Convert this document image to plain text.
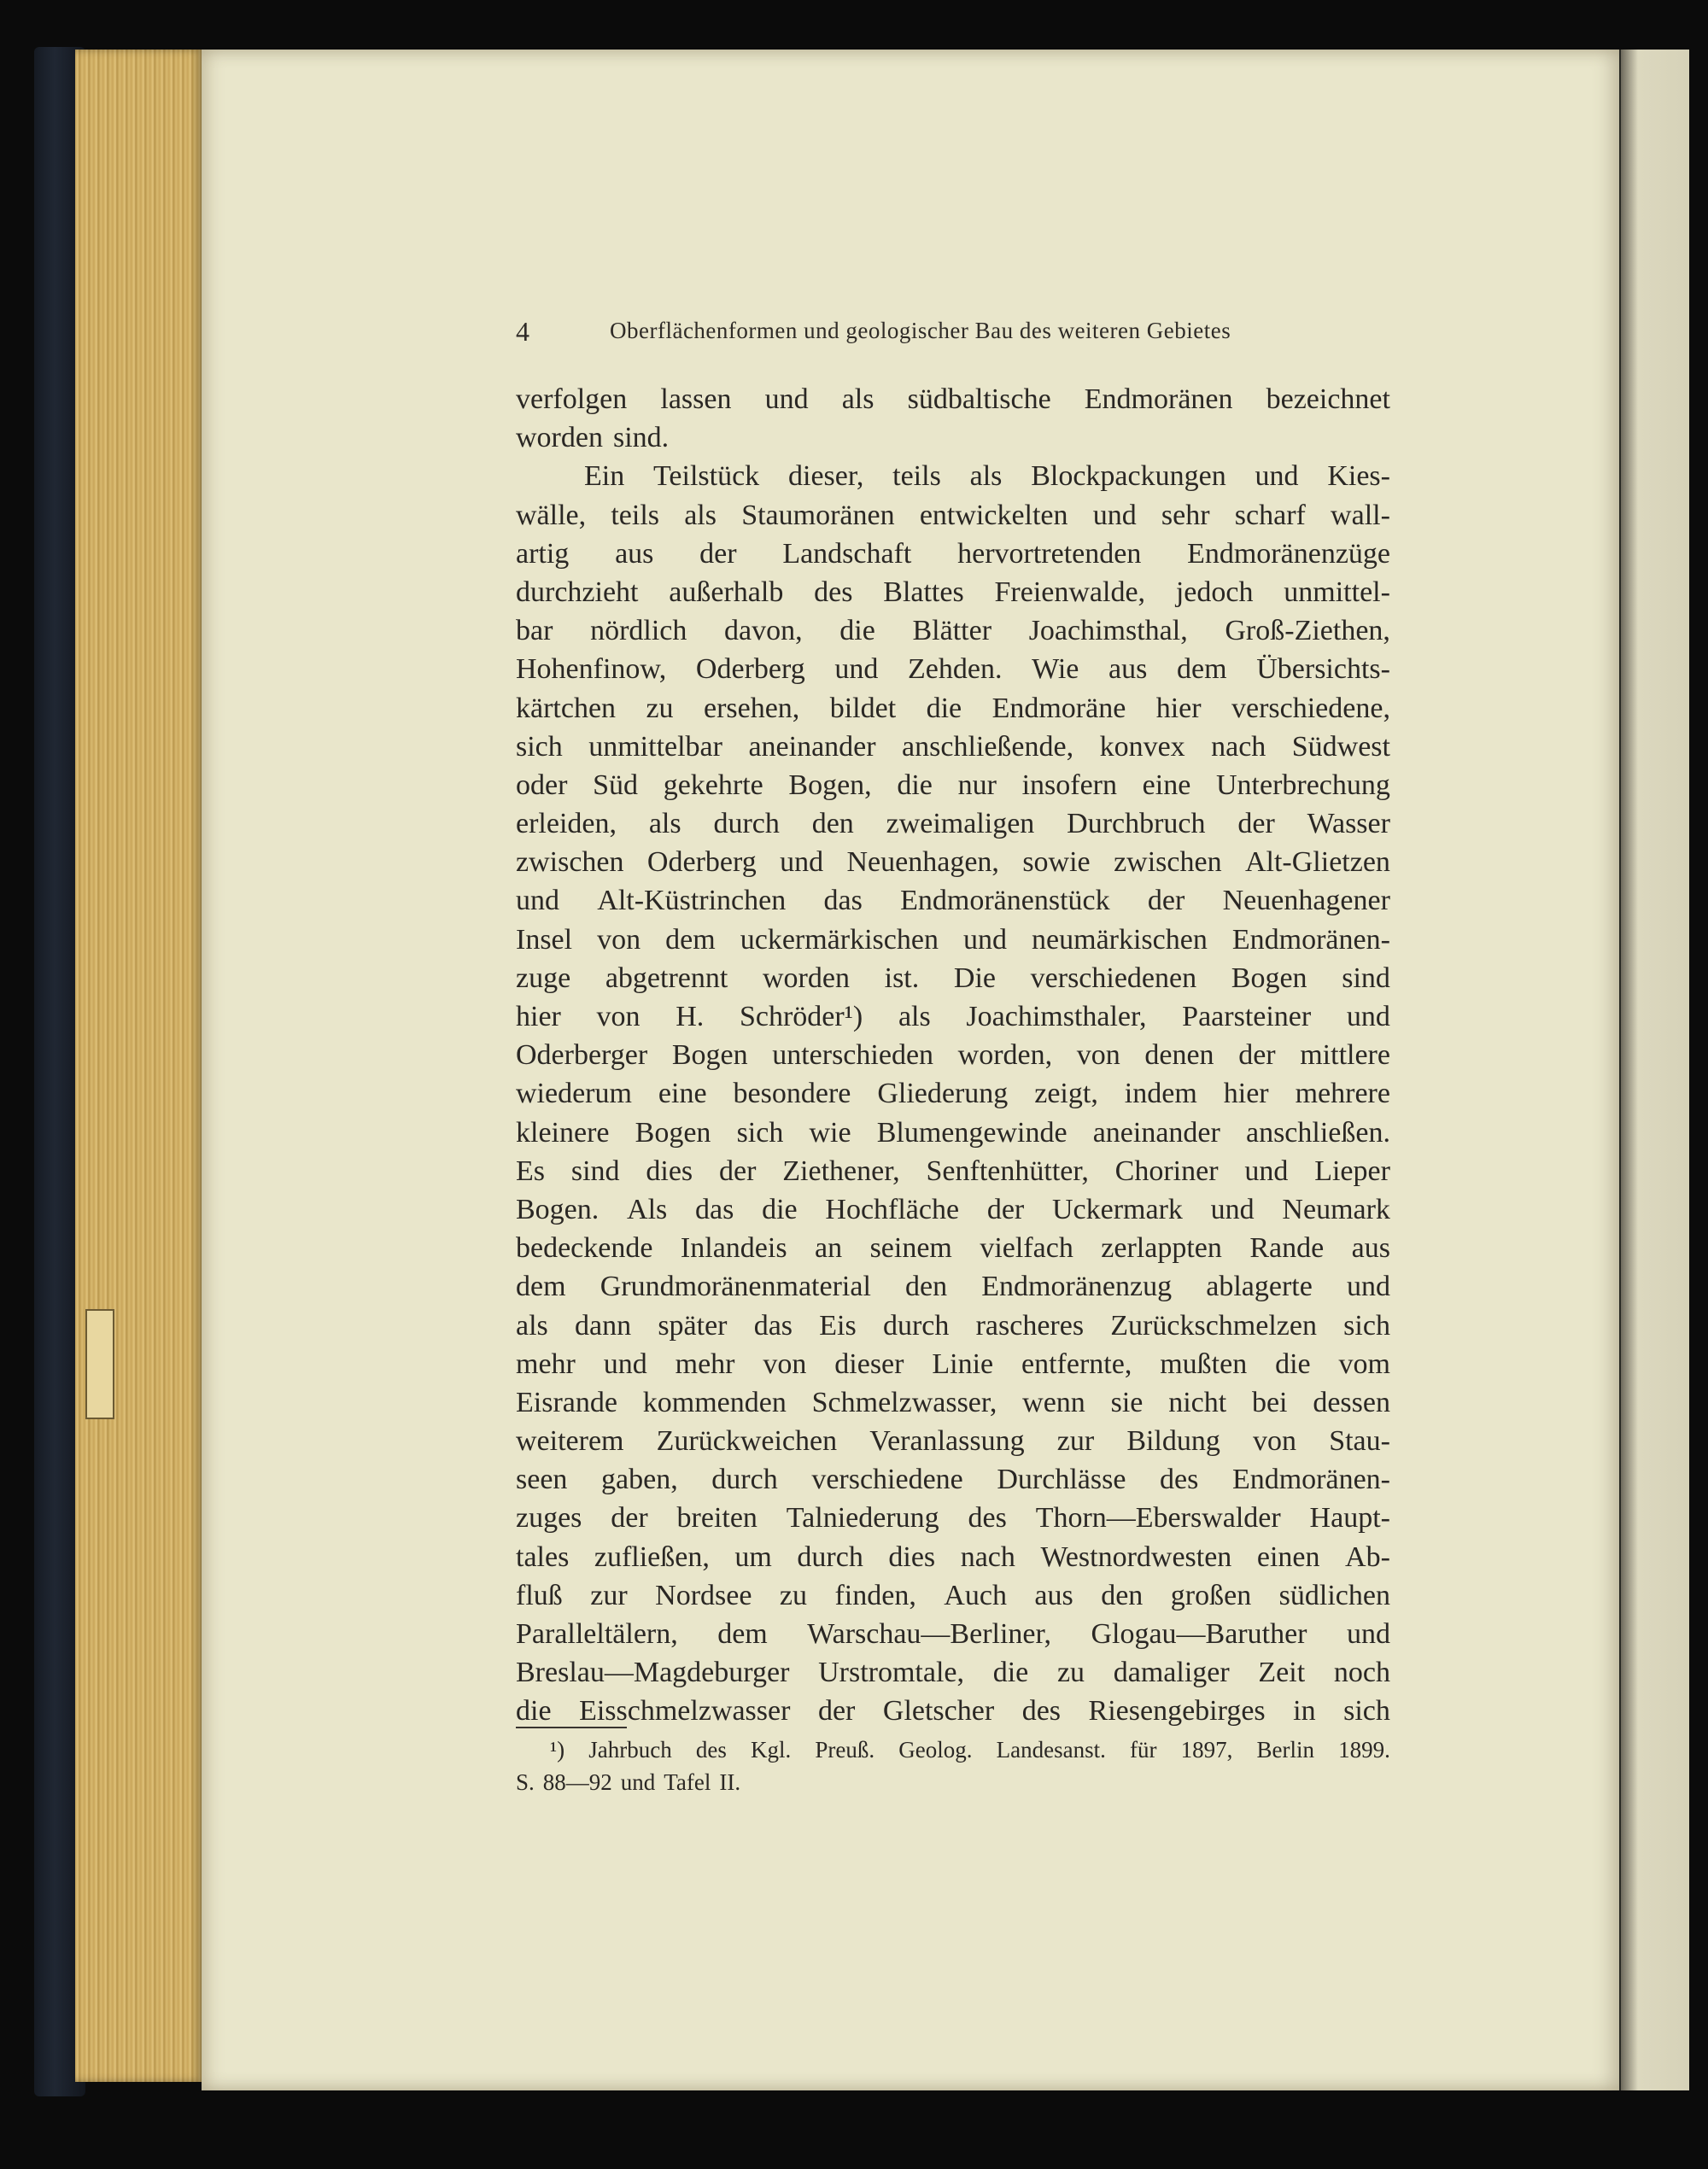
4	Oberflächenformen und geologischer Bau des weiteren Gebietes
verfolgen lassen und als südbaltische Endmoränen bezeichnet
worden sind.
Ein Teilstück dieser, teils als Blockpackungen und Kies-
wälle, teils als Staumoränen entwickelten und sehr scharf wall-
artig aus der Landschaft hervortretenden Endmoränenzüge
durchzieht außerhalb des Blattes Freienwalde, jedoch unmittel-
bar nördlich davon, die Blätter Joachimsthal, Groß-Ziethen,
Hohenfinow, Oderberg und Zehden. Wie aus dem Übersichts-
kärtchen zu ersehen, bildet die Endmoräne hier verschiedene,
sich unmittelbar aneinander anschließende, konvex nach Südwest
oder Süd gekehrte Bogen, die nur insofern eine Unterbrechung
erleiden, als durch den zweimaligen Durchbruch der Wasser
zwischen Oderberg und Neuenhagen, sowie zwischen Alt-Glietzen
und Alt-Küstrinchen das Endmoränenstück der Neuenhagener
Insel von dem uckermärkischen und neumärkischen Endmoränen-
zuge abgetrennt worden ist. Die verschiedenen Bogen sind
hier von H. Schröder¹) als Joachimsthaler, Paarsteiner und
Oderberger Bogen unterschieden worden, von denen der mittlere
wiederum eine besondere Gliederung zeigt, indem hier mehrere
kleinere Bogen sich wie Blumengewinde aneinander anschließen.
Es sind dies der Ziethener, Senftenhütter, Choriner und Lieper
Bogen. Als das die Hochfläche der Uckermark und Neumark
bedeckende Inlandeis an seinem vielfach zerlappten Rande aus
dem Grundmoränenmaterial den Endmoränenzug ablagerte und
als dann später das Eis durch rascheres Zurückschmelzen sich
mehr und mehr von dieser Linie entfernte, mußten die vom
Eisrande kommenden Schmelzwasser, wenn sie nicht bei dessen
weiterem Zurückweichen Veranlassung zur Bildung von Stau-
seen gaben, durch verschiedene Durchlässe des Endmoränen-
zuges der breiten Talniederung des Thorn—Eberswalder Haupt-
tales zufließen, um durch dies nach Westnordwesten einen Ab-
fluß zur Nordsee zu finden, Auch aus den großen südlichen
Paralleltälern, dem Warschau—Berliner, Glogau—Baruther und
Breslau—Magdeburger Urstromtale, die zu damaliger Zeit noch
die Eisschmelzwasser der Gletscher des Riesengebirges in sich
¹) Jahrbuch des Kgl. Preuß. Geolog. Landesanst. für 1897, Berlin 1899.
S. 88—92 und Tafel II.
